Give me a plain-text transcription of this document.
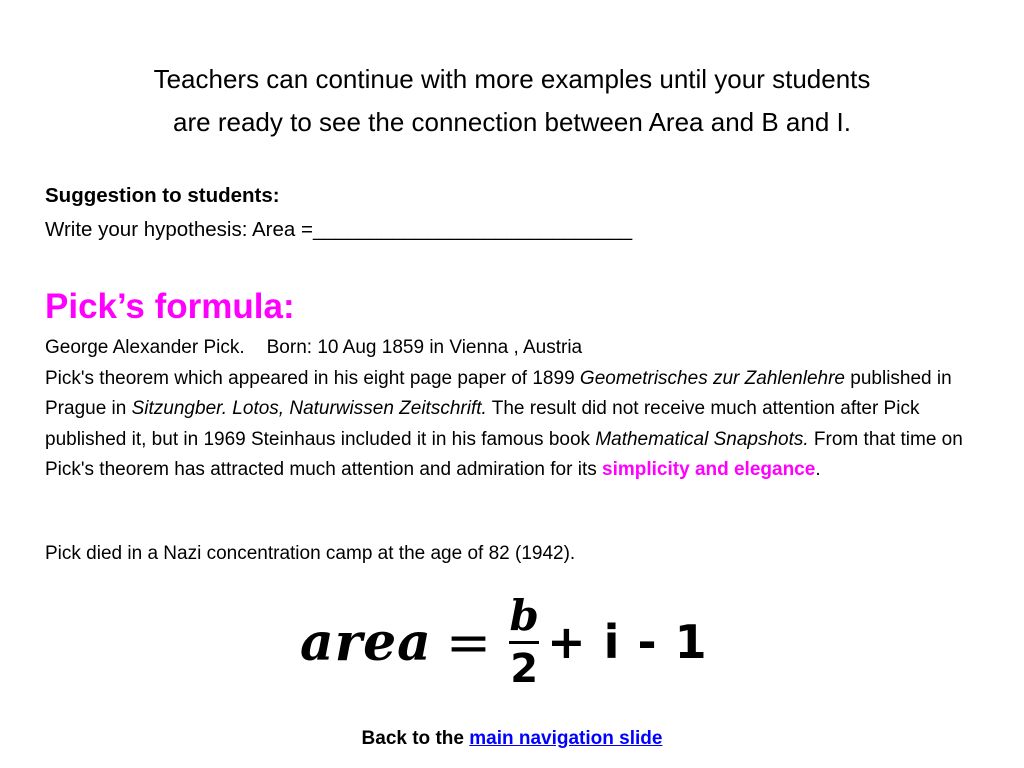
Teachers can continue with more examples until your students
are ready to see the connection between Area and B and I.
Suggestion to students:
Write your hypothesis: Area =____________________________
Pick’s formula:
George Alexander Pick. Born: 10 Aug 1859 in Vienna , Austria
Pick's theorem which appeared in his eight page paper of 1899 Geometrisches zur Zahlenlehre published in Prague in Sitzungber. Lotos, Naturwissen Zeitschrift. The result did not receive much attention after Pick published it, but in 1969 Steinhaus included it in his famous book Mathematical Snapshots. From that time on Pick's theorem has attracted much attention and admiration for its simplicity and elegance.
Pick died in a Nazi concentration camp at the age of 82 (1942).
area = $\frac{b}{2} + i - 1$
Back to the main navigation slide
